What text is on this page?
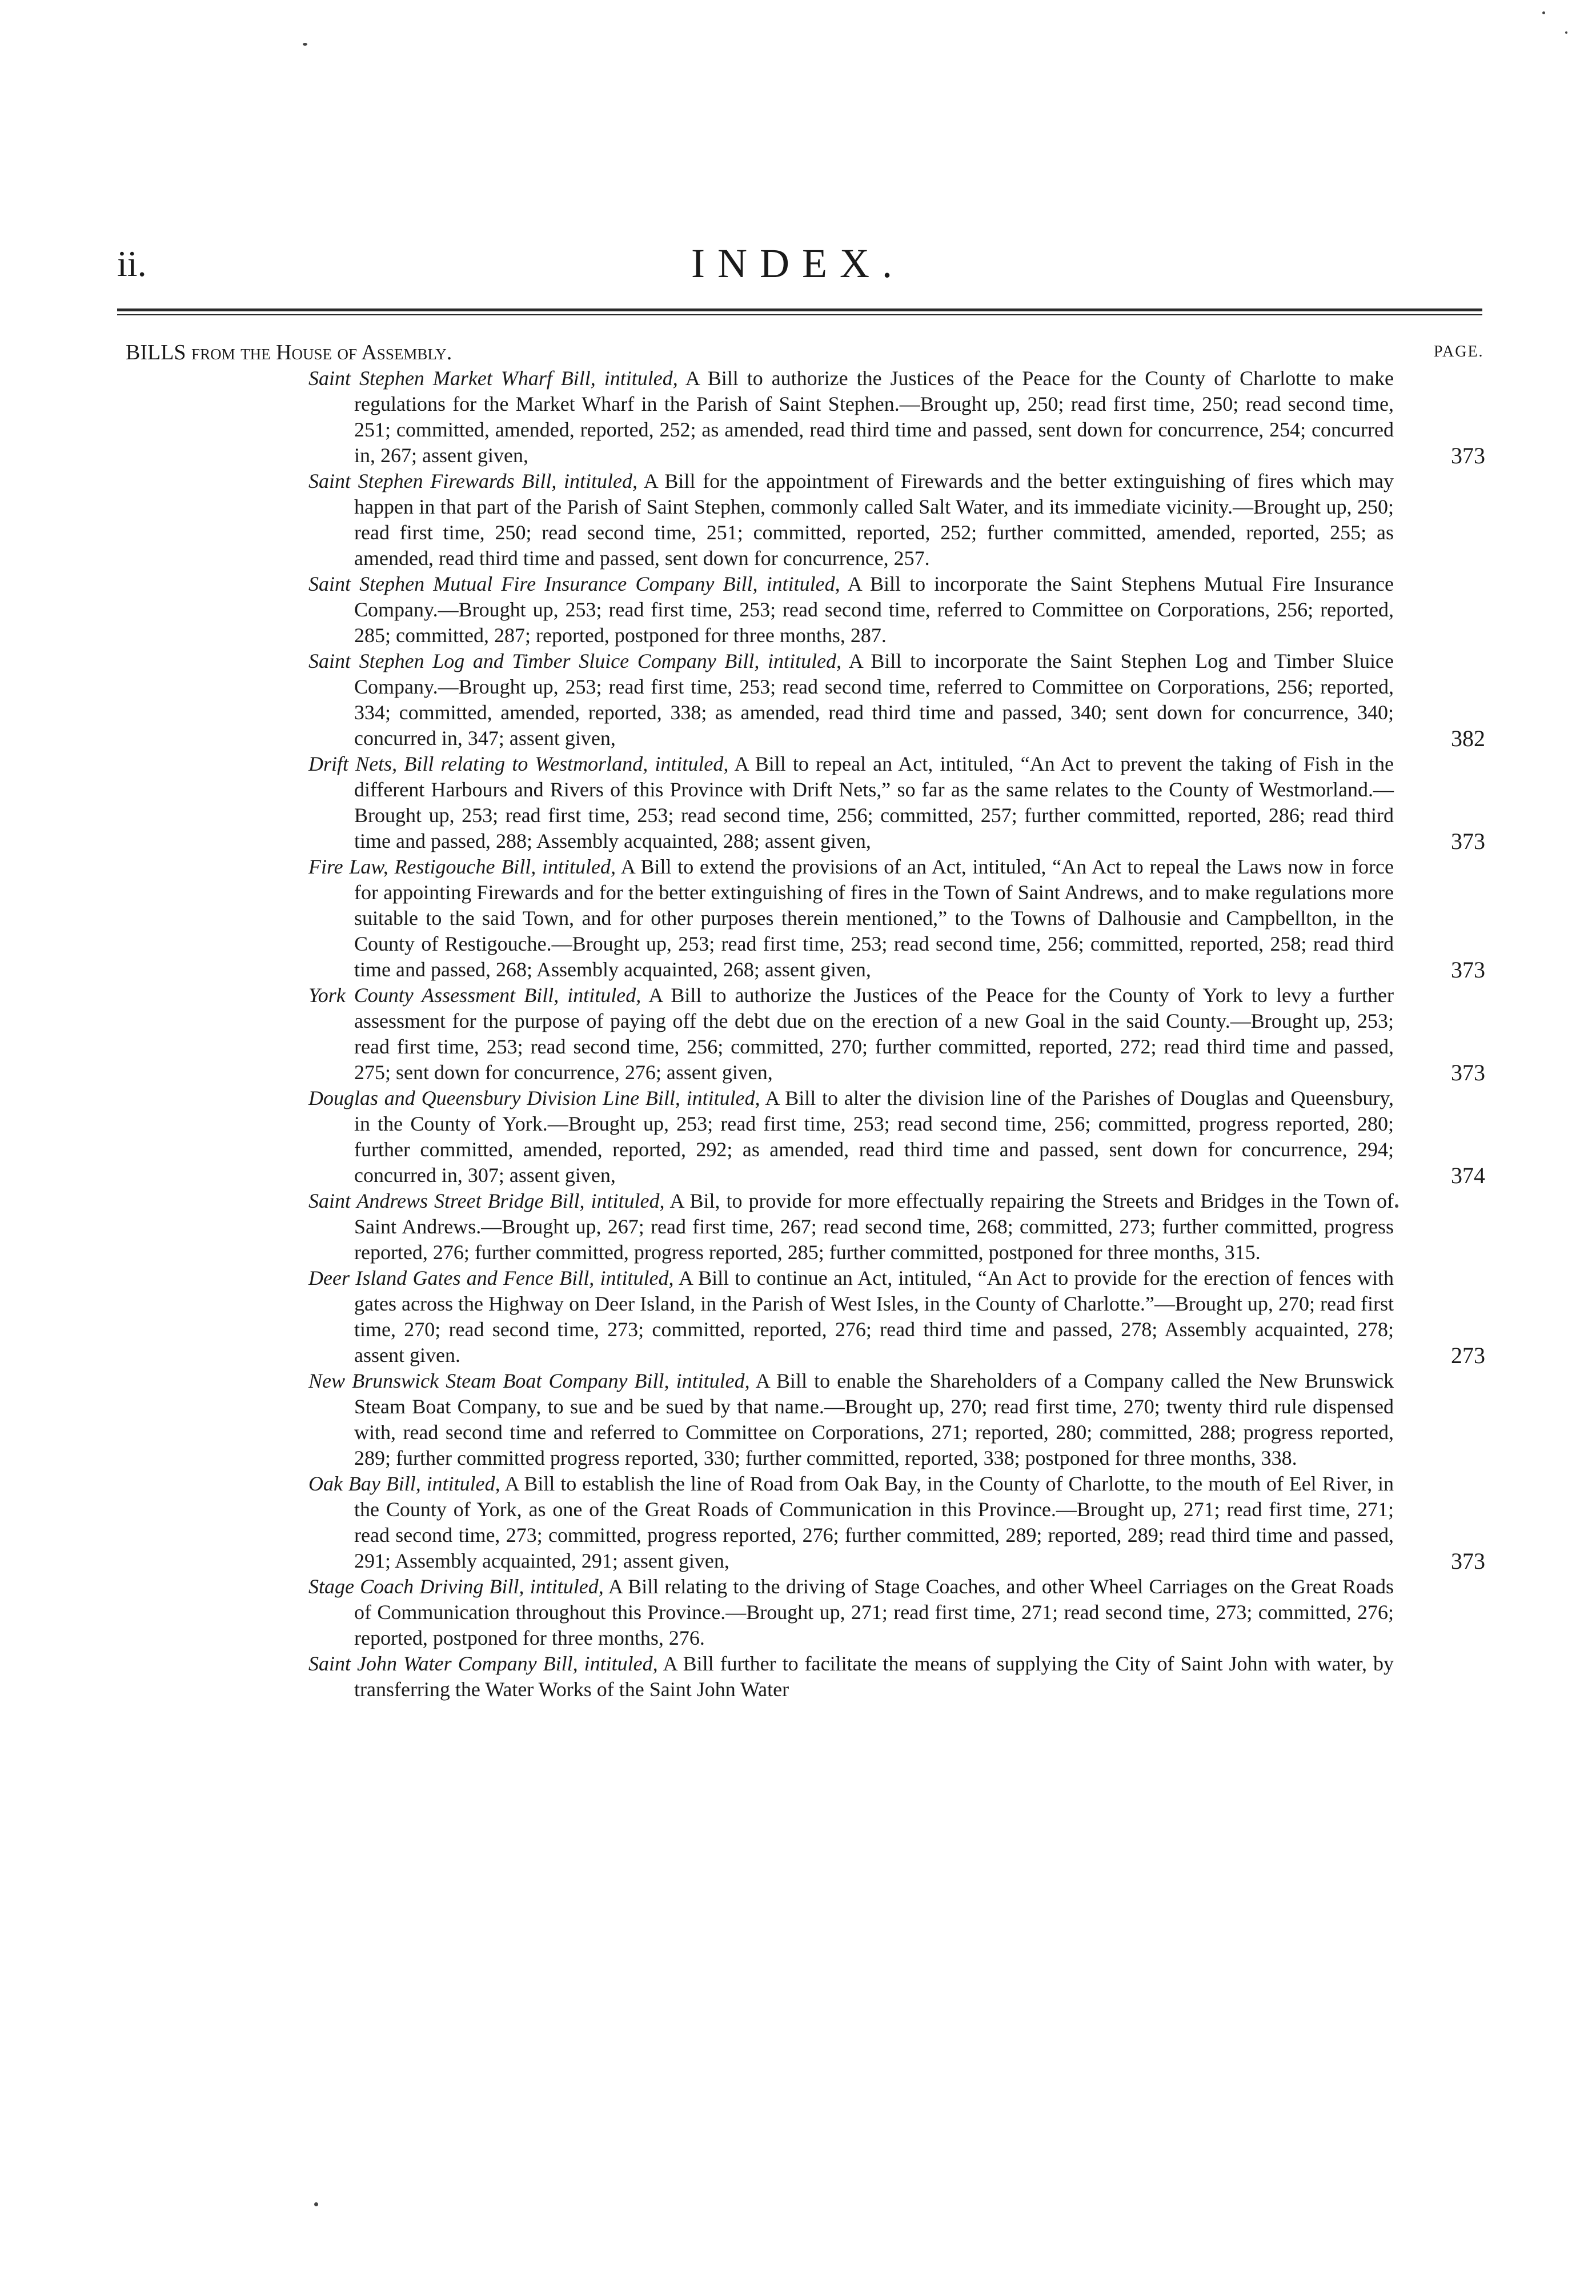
ii.	INDEX.
BILLS from the House of Assembly.	PAGE.
Saint Stephen Market Wharf Bill, intituled, A Bill to authorize the Justices of the Peace for the County of Charlotte to make regulations for the Market Wharf in the Parish of Saint Stephen.—Brought up, 250; read first time, 250; read second time, 251; committed, amended, reported, 252; as amended, read third time and passed, sent down for concurrence, 254; concurred in, 267; assent given,	373
Saint Stephen Firewards Bill, intituled, A Bill for the appointment of Firewards and the better extinguishing of fires which may happen in that part of the Parish of Saint Stephen, commonly called Salt Water, and its immediate vicinity.—Brought up, 250; read first time, 250; read second time, 251; committed, reported, 252; further committed, amended, reported, 255; as amended, read third time and passed, sent down for concurrence, 257.
Saint Stephen Mutual Fire Insurance Company Bill, intituled, A Bill to incorporate the Saint Stephens Mutual Fire Insurance Company.—Brought up, 253; read first time, 253; read second time, referred to Committee on Corporations, 256; reported, 285; committed, 287; reported, postponed for three months, 287.
Saint Stephen Log and Timber Sluice Company Bill, intituled, A Bill to incorporate the Saint Stephen Log and Timber Sluice Company.—Brought up, 253; read first time, 253; read second time, referred to Committee on Corporations, 256; reported, 334; committed, amended, reported, 338; as amended, read third time and passed, 340; sent down for concurrence, 340; concurred in, 347; assent given,	382
Drift Nets, Bill relating to Westmorland, intituled, A Bill to repeal an Act, intituled, “An Act to prevent the taking of Fish in the different Harbours and Rivers of this Province with Drift Nets,” so far as the same relates to the County of Westmorland.—Brought up, 253; read first time, 253; read second time, 256; committed, 257; further committed, reported, 286; read third time and passed, 288; Assembly acquainted, 288; assent given,	373
Fire Law, Restigouche Bill, intituled, A Bill to extend the provisions of an Act, intituled, “An Act to repeal the Laws now in force for appointing Firewards and for the better extinguishing of fires in the Town of Saint Andrews, and to make regulations more suitable to the said Town, and for other purposes therein mentioned,” to the Towns of Dalhousie and Campbellton, in the County of Restigouche.—Brought up, 253; read first time, 253; read second time, 256; committed, reported, 258; read third time and passed, 268; Assembly acquainted, 268; assent given,	373
York County Assessment Bill, intituled, A Bill to authorize the Justices of the Peace for the County of York to levy a further assessment for the purpose of paying off the debt due on the erection of a new Goal in the said County.—Brought up, 253; read first time, 253; read second time, 256; committed, 270; further committed, reported, 272; read third time and passed, 275; sent down for concurrence, 276; assent given,	373
Douglas and Queensbury Division Line Bill, intituled, A Bill to alter the division line of the Parishes of Douglas and Queensbury, in the County of York.—Brought up, 253; read first time, 253; read second time, 256; committed, progress reported, 280; further committed, amended, reported, 292; as amended, read third time and passed, sent down for concurrence, 294; concurred in, 307; assent given,	374
Saint Andrews Street Bridge Bill, intituled, A Bil, to provide for more effectually repairing the Streets and Bridges in the Town of Saint Andrews.—Brought up, 267; read first time, 267; read second time, 268; committed, 273; further committed, progress reported, 276; further committed, progress reported, 285; further committed, postponed for three months, 315.
Deer Island Gates and Fence Bill, intituled, A Bill to continue an Act, intituled, “An Act to provide for the erection of fences with gates across the Highway on Deer Island, in the Parish of West Isles, in the County of Charlotte.”—Brought up, 270; read first time, 270; read second time, 273; committed, reported, 276; read third time and passed, 278; Assembly acquainted, 278; assent given.	273
New Brunswick Steam Boat Company Bill, intituled, A Bill to enable the Shareholders of a Company called the New Brunswick Steam Boat Company, to sue and be sued by that name.—Brought up, 270; read first time, 270; twenty third rule dispensed with, read second time and referred to Committee on Corporations, 271; reported, 280; committed, 288; progress reported, 289; further committed progress reported, 330; further committed, reported, 338; postponed for three months, 338.
Oak Bay Bill, intituled, A Bill to establish the line of Road from Oak Bay, in the County of Charlotte, to the mouth of Eel River, in the County of York, as one of the Great Roads of Communication in this Province.—Brought up, 271; read first time, 271; read second time, 273; committed, progress reported, 276; further committed, 289; reported, 289; read third time and passed, 291; Assembly acquainted, 291; assent given,	373
Stage Coach Driving Bill, intituled, A Bill relating to the driving of Stage Coaches, and other Wheel Carriages on the Great Roads of Communication throughout this Province.—Brought up, 271; read first time, 271; read second time, 273; committed, 276; reported, postponed for three months, 276.
Saint John Water Company Bill, intituled, A Bill further to facilitate the means of supplying the City of Saint John with water, by transferring the Water Works of the Saint John Water
